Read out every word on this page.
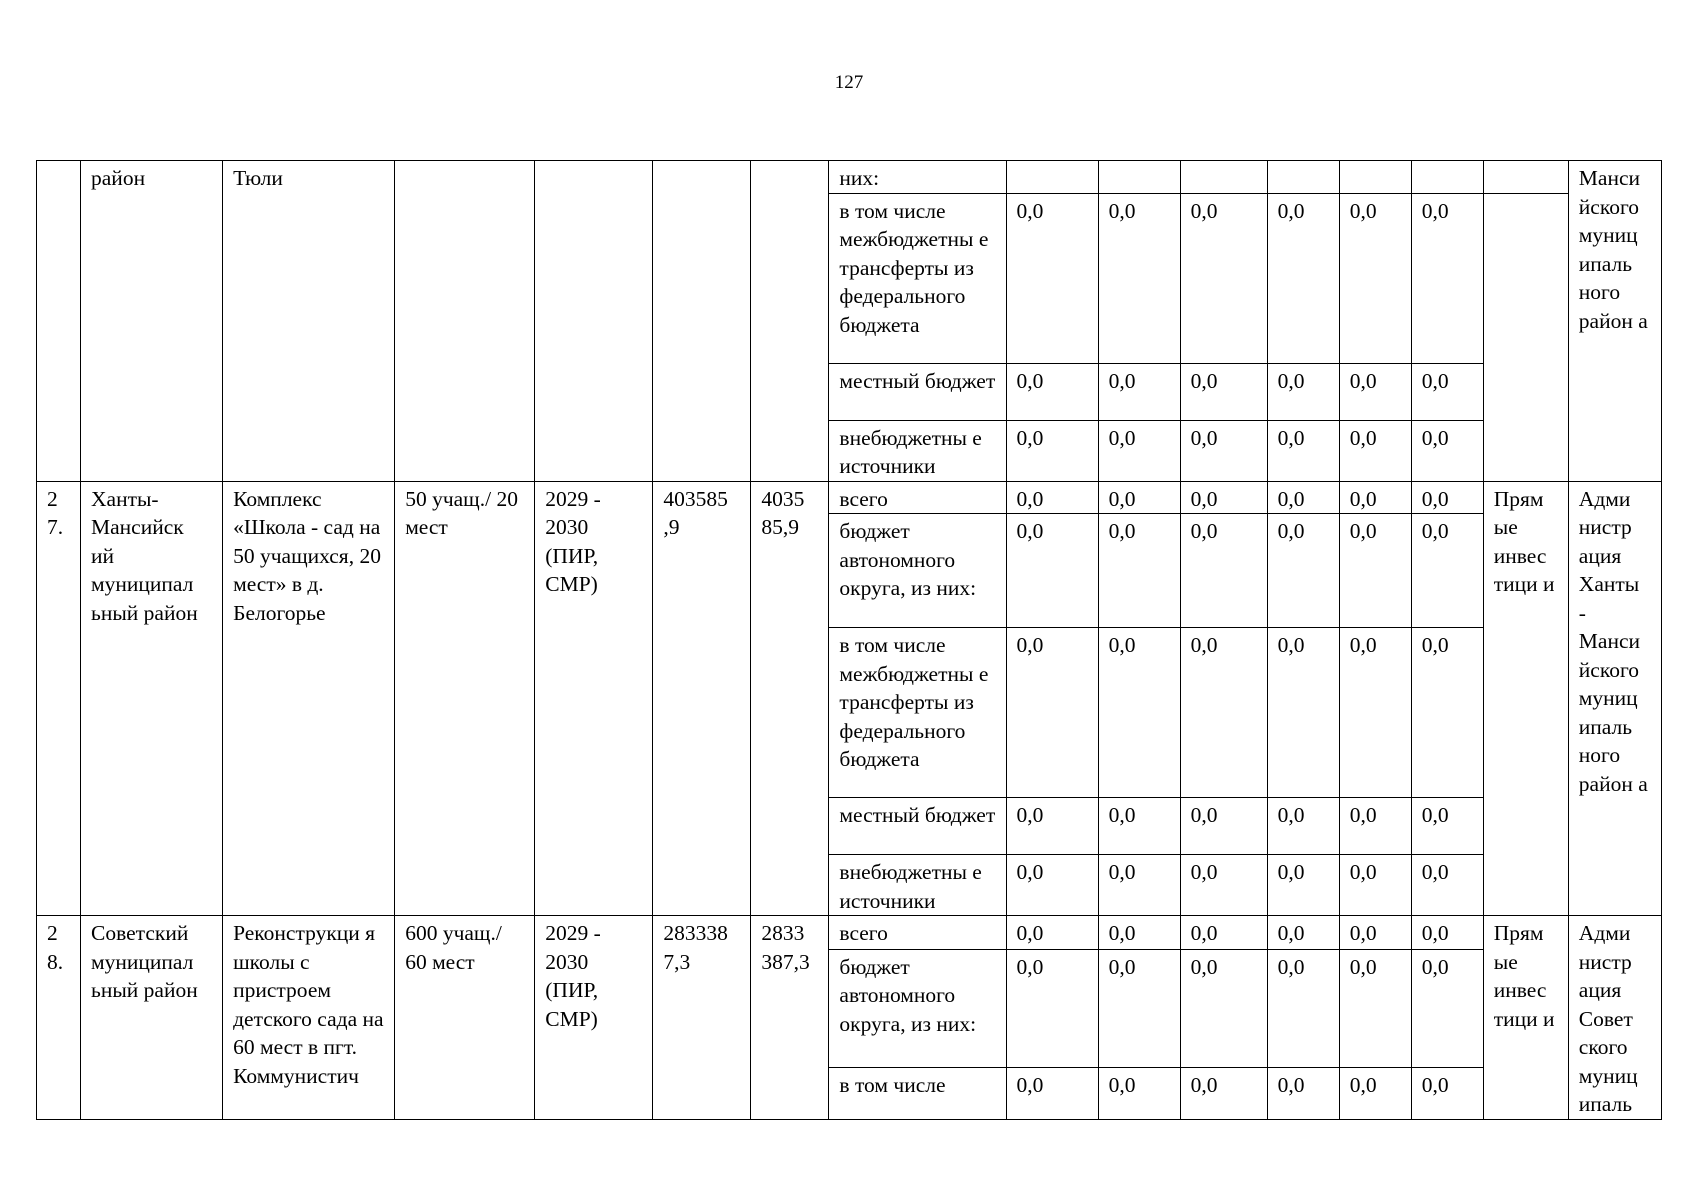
127
	район	Тюли					них:								Манси йского муниц ипаль ного район а
							в том числе межбюджетны е трансферты из федерального бюджета	0,0	0,0	0,0	0,0	0,0	0,0		
							местный бюджет	0,0	0,0	0,0	0,0	0,0	0,0		
							внебюджетны е источники	0,0	0,0	0,0	0,0	0,0	0,0		
2 7.	Ханты- Мансийск ий муниципал ьный район	Комплекс «Школа - сад на 50 учащихся, 20 мест» в д. Белогорье	50 учащ./ 20 мест	2029 - 2030 (ПИР, СМР)	403585 ,9	4035 85,9	всего	0,0	0,0	0,0	0,0	0,0	0,0	Прям ые инвес тици и	Адми нистр ация Ханты - Манси йского муниц ипаль ного район а
							бюджет автономного округа, из них:	0,0	0,0	0,0	0,0	0,0	0,0		
							в том числе межбюджетны е трансферты из федерального бюджета	0,0	0,0	0,0	0,0	0,0	0,0		
							местный бюджет	0,0	0,0	0,0	0,0	0,0	0,0		
							внебюджетны е источники	0,0	0,0	0,0	0,0	0,0	0,0		
2 8.	Советский муниципал ьный район	Реконструкци я школы с пристроем детского сада на 60 мест в пгт. Коммунистич	600 учащ./ 60 мест	2029 - 2030 (ПИР, СМР)	283338 7,3	2833 387,3	всего	0,0	0,0	0,0	0,0	0,0	0,0	Прям ые инвес тици и	Адми нистр ация Совет ского муниц ипаль
							бюджет автономного округа, из них:	0,0	0,0	0,0	0,0	0,0	0,0		
							в том числе	0,0	0,0	0,0	0,0	0,0	0,0		
